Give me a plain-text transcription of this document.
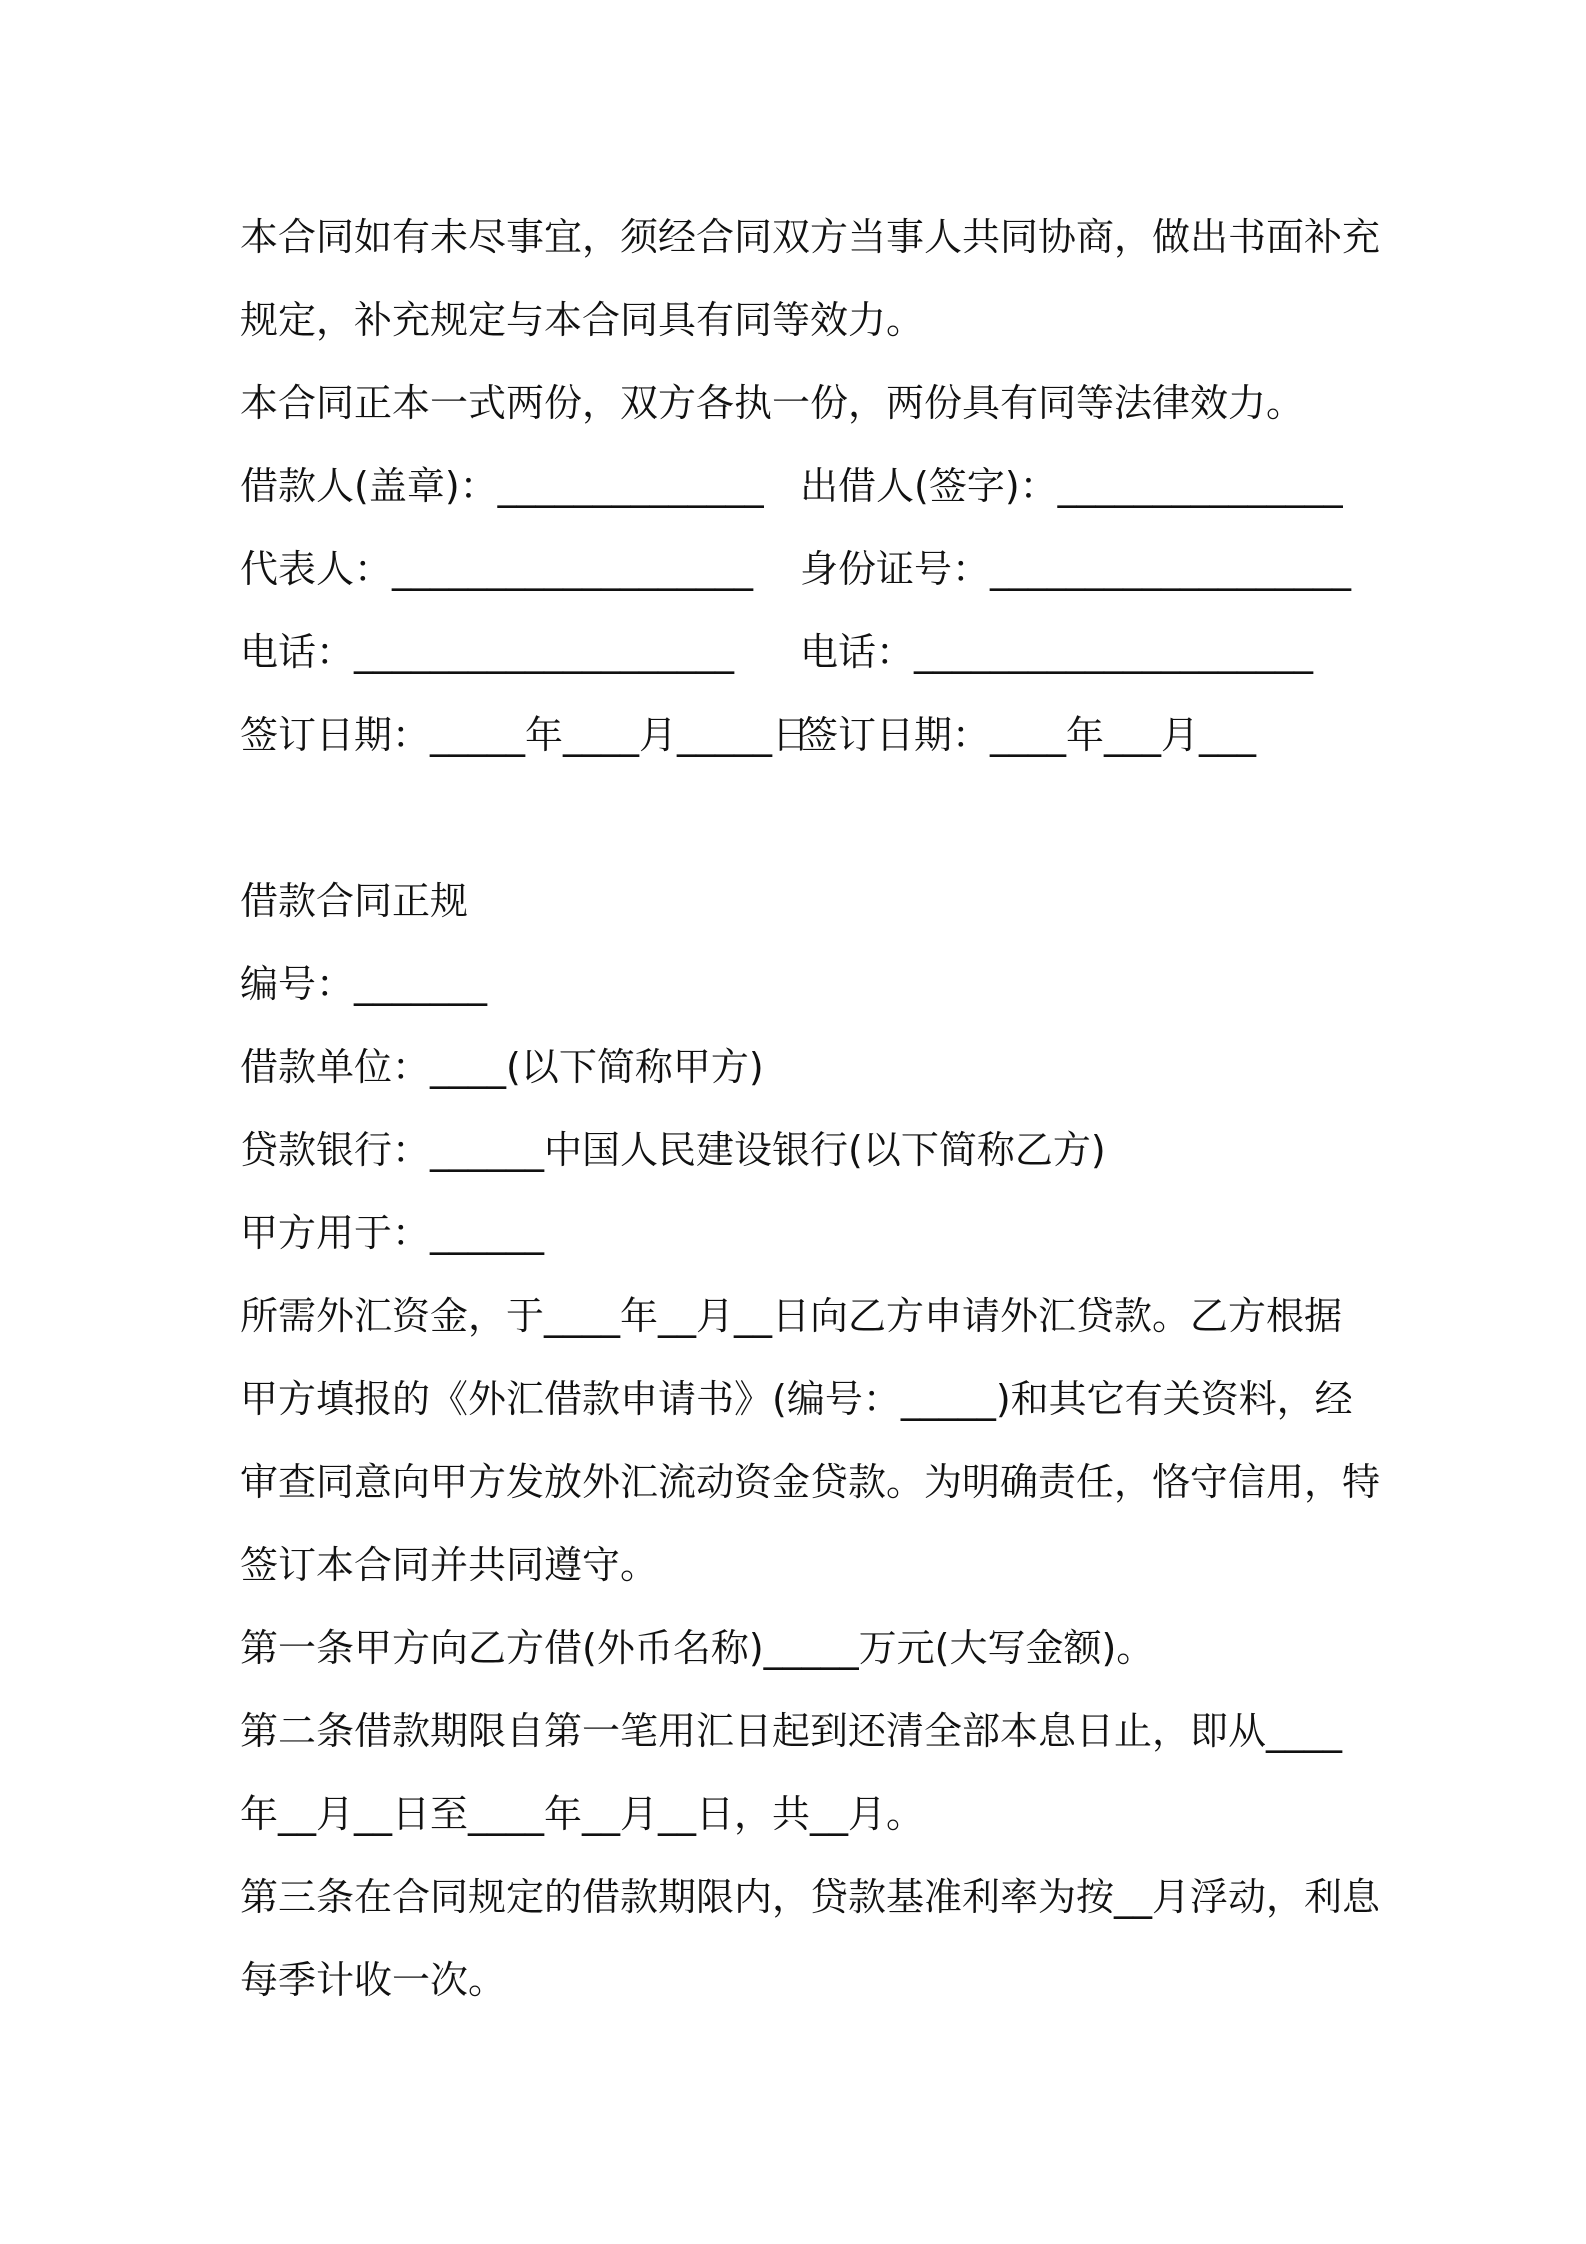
本合同如有未尽事宜，须经合同双方当事人共同协商，做出书面补充
规定，补充规定与本合同具有同等效力。
本合同正本一式两份，双方各执一份，两份具有同等法律效力。
借款人(盖章)：______________ 出借人(签字)：_______________
代表人：___________________	身份证号：___________________
电话：____________________	电话：_____________________
签订日期：_____年____月_____日
签订日期：____年___月___
借款合同正规
编号：_______
借款单位：____(以下简称甲方)
贷款银行：______中国人民建设银行(以下简称乙方)
甲方用于：______
所需外汇资金，于____年__月__日向乙方申请外汇贷款。乙方根据
甲方填报的《外汇借款申请书》(编号：_____)和其它有关资料，经
审查同意向甲方发放外汇流动资金贷款。为明确责任，恪守信用，特
签订本合同并共同遵守。
第一条甲方向乙方借(外币名称)_____万元(大写金额)。
第二条借款期限自第一笔用汇日起到还清全部本息日止，即从____
年__月__日至____年__月__日，共__月。
第三条在合同规定的借款期限内，贷款基准利率为按__月浮动，利息
每季计收一次。
